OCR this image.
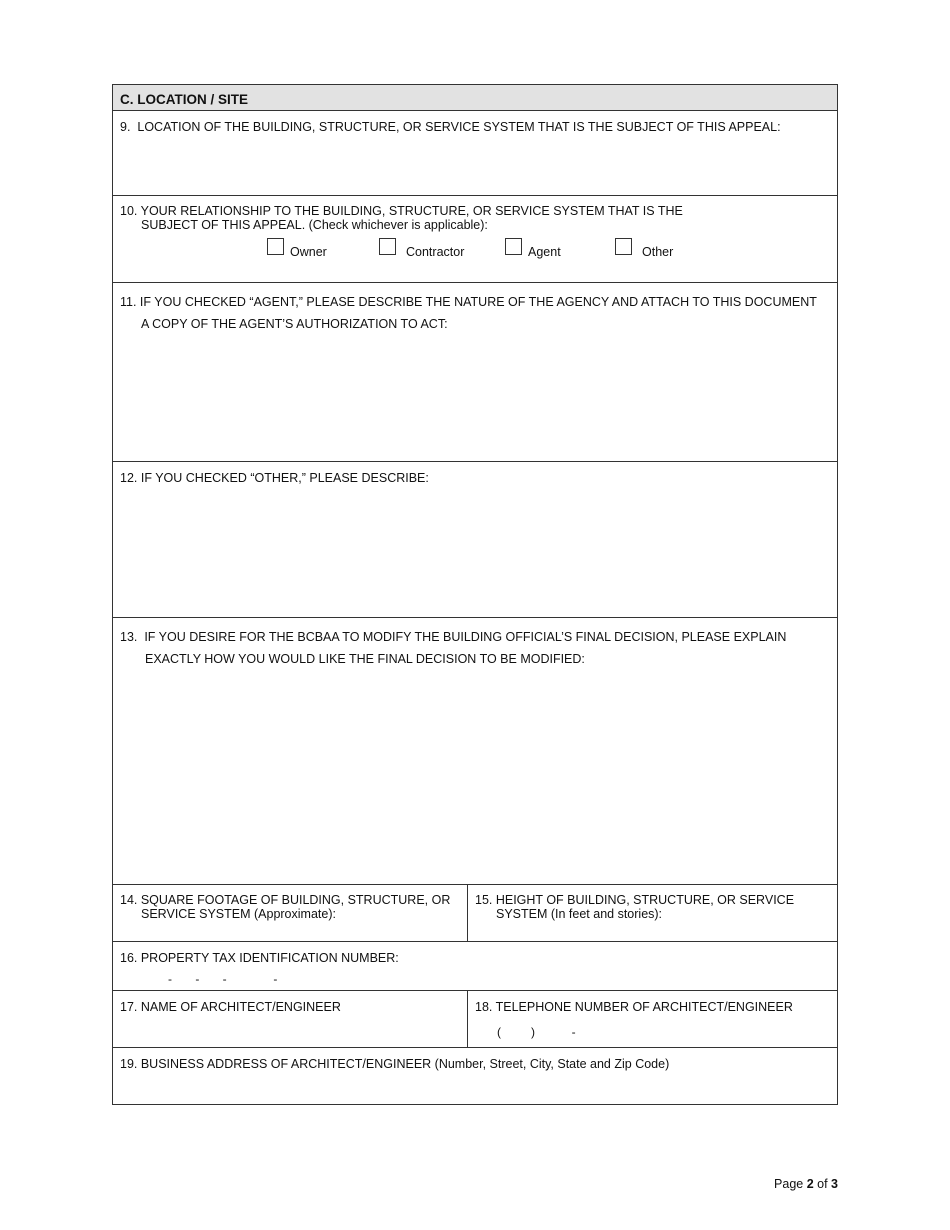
C. LOCATION / SITE
9.  LOCATION OF THE BUILDING, STRUCTURE, OR SERVICE SYSTEM THAT IS THE SUBJECT OF THIS APPEAL:
10. YOUR RELATIONSHIP TO THE BUILDING, STRUCTURE, OR SERVICE SYSTEM THAT IS THE
SUBJECT OF THIS APPEAL. (Check whichever is applicable):
Owner	Contractor	Agent	Other
11. IF YOU CHECKED “AGENT,” PLEASE DESCRIBE THE NATURE OF THE AGENCY AND ATTACH TO THIS DOCUMENT
A COPY OF THE AGENT’S AUTHORIZATION TO ACT:
12. IF YOU CHECKED “OTHER,” PLEASE DESCRIBE:
13.  IF YOU DESIRE FOR THE BCBAA TO MODIFY THE BUILDING OFFICIAL’S FINAL DECISION, PLEASE EXPLAIN
EXACTLY HOW YOU WOULD LIKE THE FINAL DECISION TO BE MODIFIED:
14. SQUARE FOOTAGE OF BUILDING, STRUCTURE, OR
SERVICE SYSTEM (Approximate):
15. HEIGHT OF BUILDING, STRUCTURE, OR SERVICE
SYSTEM (In feet and stories):
16. PROPERTY TAX IDENTIFICATION NUMBER:
-       -       -              -
17. NAME OF ARCHITECT/ENGINEER	18. TELEPHONE NUMBER OF ARCHITECT/ENGINEER
(         )           -
19. BUSINESS ADDRESS OF ARCHITECT/ENGINEER (Number, Street, City, State and Zip Code)
Page 2 of 3
